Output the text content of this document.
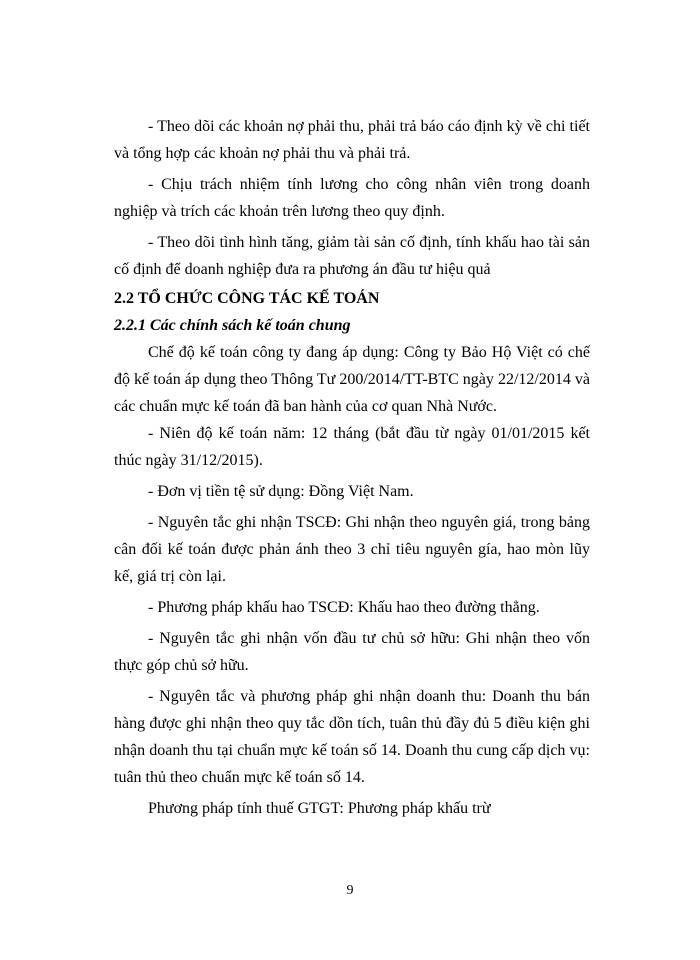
- Theo dõi các khoản nợ phải thu, phải trả báo cáo định kỳ về chi tiết và tổng hợp các khoản nợ phải thu và phải trả.

- Chịu trách nhiệm tính lương cho công nhân viên trong doanh nghiệp và trích các khoản trên lương theo quy định.

- Theo dõi tình hình tăng, giảm tài sản cố định, tính khấu hao tài sản cố định để doanh nghiệp đưa ra phương án đầu tư hiệu quả

2.2 TỔ CHỨC CÔNG TÁC KẾ TOÁN

2.2.1 Các chính sách kế toán chung

Chế độ kế toán công ty đang áp dụng: Công ty Bảo Hộ Việt có chế độ kế toán áp dụng theo Thông Tư 200/2014/TT-BTC ngày 22/12/2014 và các chuẩn mực kế toán đã ban hành của cơ quan Nhà Nước.

- Niên độ kế toán năm: 12 tháng (bắt đầu từ ngày 01/01/2015 kết thúc ngày 31/12/2015).

- Đơn vị tiền tệ sử dụng: Đồng Việt Nam.

- Nguyên tắc ghi nhận TSCĐ: Ghi nhận theo nguyên giá, trong bảng cân đối kế toán được phản ánh theo 3 chỉ tiêu nguyên gía, hao mòn lũy kế, giá trị còn lại.

- Phương pháp khấu hao TSCĐ: Khấu hao theo đường thẳng.

- Nguyên tắc ghi nhận vốn đầu tư chủ sở hữu: Ghi nhận theo vốn thực góp chủ sở hữu.

- Nguyên tắc và phương pháp ghi nhận doanh thu: Doanh thu bán hàng được ghi nhận theo quy tắc dồn tích, tuân thủ đầy đủ 5 điều kiện ghi nhận doanh thu tại chuẩn mực kế toán số 14. Doanh thu cung cấp dịch vụ: tuân thủ theo chuẩn mực kế toán số 14.

Phương pháp tính thuế GTGT: Phương pháp khấu trừ

9
